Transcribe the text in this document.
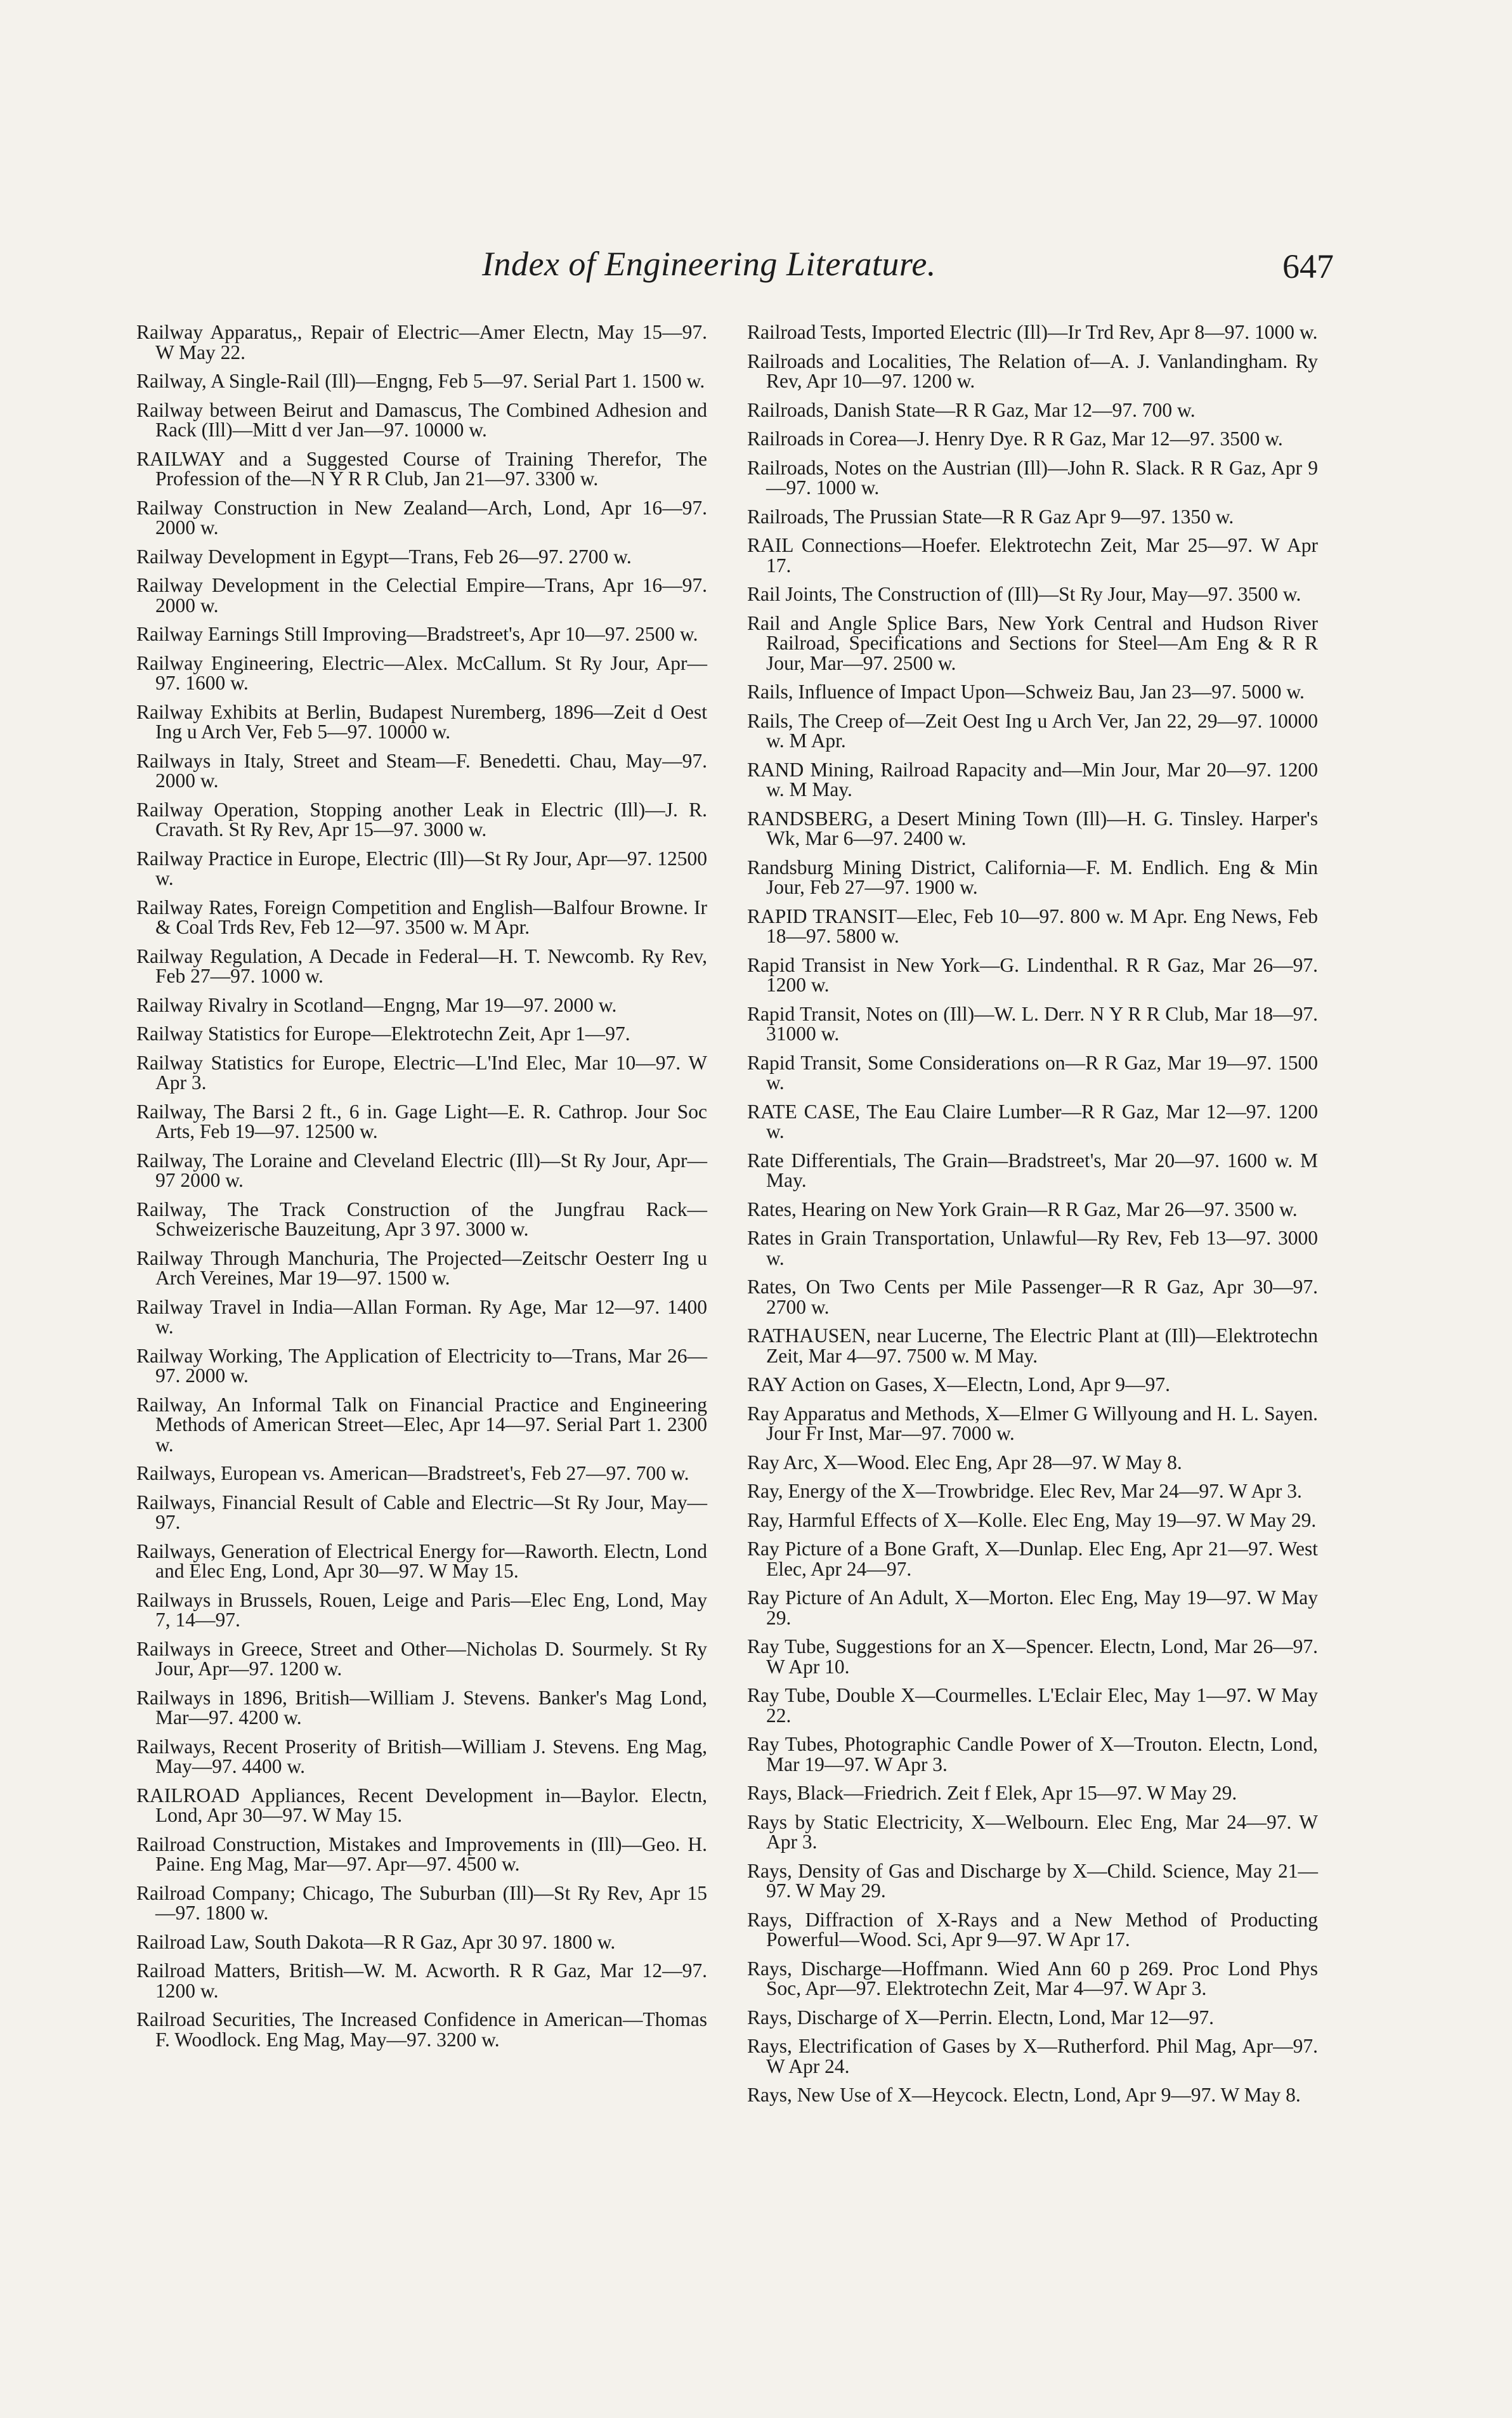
Index of Engineering Literature.	647

Railway Apparatus,, Repair of Electric—Amer Electn, May 15—97. W May 22.

Railway, A Single-Rail (Ill)—Engng, Feb 5—97. Serial Part 1. 1500 w.

Railway between Beirut and Damascus, The Combined Adhesion and Rack (Ill)—Mitt d ver Jan—97. 10000 w.

RAILWAY and a Suggested Course of Training Therefor, The Profession of the—N Y R R Club, Jan 21—97. 3300 w.

Railway Construction in New Zealand—Arch, Lond, Apr 16—97. 2000 w.

Railway Development in Egypt—Trans, Feb 26—97. 2700 w.

Railway Development in the Celectial Empire—Trans, Apr 16—97. 2000 w.

Railway Earnings Still Improving—Bradstreet's, Apr 10—97. 2500 w.

Railway Engineering, Electric—Alex. McCallum. St Ry Jour, Apr—97. 1600 w.

Railway Exhibits at Berlin, Budapest Nuremberg, 1896—Zeit d Oest Ing u Arch Ver, Feb 5—97. 10000 w.

Railways in Italy, Street and Steam—F. Benedetti. Chau, May—97. 2000 w.

Railway Operation, Stopping another Leak in Electric (Ill)—J. R. Cravath. St Ry Rev, Apr 15—97. 3000 w.

Railway Practice in Europe, Electric (Ill)—St Ry Jour, Apr—97. 12500 w.

Railway Rates, Foreign Competition and English—Balfour Browne. Ir & Coal Trds Rev, Feb 12—97. 3500 w. M Apr.

Railway Regulation, A Decade in Federal—H. T. Newcomb. Ry Rev, Feb 27—97. 1000 w.

Railway Rivalry in Scotland—Engng, Mar 19—97. 2000 w.

Railway Statistics for Europe—Elektrotechn Zeit, Apr 1—97.

Railway Statistics for Europe, Electric—L'Ind Elec, Mar 10—97. W Apr 3.

Railway, The Barsi 2 ft., 6 in. Gage Light—E. R. Cathrop. Jour Soc Arts, Feb 19—97. 12500 w.

Railway, The Loraine and Cleveland Electric (Ill)—St Ry Jour, Apr—97 2000 w.

Railway, The Track Construction of the Jungfrau Rack—Schweizerische Bauzeitung, Apr 3 97. 3000 w.

Railway Through Manchuria, The Projected—Zeitschr Oesterr Ing u Arch Vereines, Mar 19—97. 1500 w.

Railway Travel in India—Allan Forman. Ry Age, Mar 12—97. 1400 w.

Railway Working, The Application of Electricity to—Trans, Mar 26—97. 2000 w.

Railway, An Informal Talk on Financial Practice and Engineering Methods of American Street—Elec, Apr 14—97. Serial Part 1. 2300 w.

Railways, European vs. American—Bradstreet's, Feb 27—97. 700 w.

Railways, Financial Result of Cable and Electric—St Ry Jour, May—97.

Railways, Generation of Electrical Energy for—Raworth. Electn, Lond and Elec Eng, Lond, Apr 30—97. W May 15.

Railways in Brussels, Rouen, Leige and Paris—Elec Eng, Lond, May 7, 14—97.

Railways in Greece, Street and Other—Nicholas D. Sourmely. St Ry Jour, Apr—97. 1200 w.

Railways in 1896, British—William J. Stevens. Banker's Mag Lond, Mar—97. 4200 w.

Railways, Recent Proserity of British—William J. Stevens. Eng Mag, May—97. 4400 w.

RAILROAD Appliances, Recent Development in—Baylor. Electn, Lond, Apr 30—97. W May 15.

Railroad Construction, Mistakes and Improvements in (Ill)—Geo. H. Paine. Eng Mag, Mar—97. Apr—97. 4500 w.

Railroad Company; Chicago, The Suburban (Ill)—St Ry Rev, Apr 15—97. 1800 w.

Railroad Law, South Dakota—R R Gaz, Apr 30 97. 1800 w.

Railroad Matters, British—W. M. Acworth. R R Gaz, Mar 12—97. 1200 w.

Railroad Securities, The Increased Confidence in American—Thomas F. Woodlock. Eng Mag, May—97. 3200 w.

Railroad Tests, Imported Electric (Ill)—Ir Trd Rev, Apr 8—97. 1000 w.

Railroads and Localities, The Relation of—A. J. Vanlandingham. Ry Rev, Apr 10—97. 1200 w.

Railroads, Danish State—R R Gaz, Mar 12—97. 700 w.

Railroads in Corea—J. Henry Dye. R R Gaz, Mar 12—97. 3500 w.

Railroads, Notes on the Austrian (Ill)—John R. Slack. R R Gaz, Apr 9—97. 1000 w.

Railroads, The Prussian State—R R Gaz Apr 9—97. 1350 w.

RAIL Connections—Hoefer. Elektrotechn Zeit, Mar 25—97. W Apr 17.

Rail Joints, The Construction of (Ill)—St Ry Jour, May—97. 3500 w.

Rail and Angle Splice Bars, New York Central and Hudson River Railroad, Specifications and Sections for Steel—Am Eng & R R Jour, Mar—97. 2500 w.

Rails, Influence of Impact Upon—Schweiz Bau, Jan 23—97. 5000 w.

Rails, The Creep of—Zeit Oest Ing u Arch Ver, Jan 22, 29—97. 10000 w. M Apr.

RAND Mining, Railroad Rapacity and—Min Jour, Mar 20—97. 1200 w. M May.

RANDSBERG, a Desert Mining Town (Ill)—H. G. Tinsley. Harper's Wk, Mar 6—97. 2400 w.

Randsburg Mining District, California—F. M. Endlich. Eng & Min Jour, Feb 27—97. 1900 w.

RAPID TRANSIT—Elec, Feb 10—97. 800 w. M Apr. Eng News, Feb 18—97. 5800 w.

Rapid Transist in New York—G. Lindenthal. R R Gaz, Mar 26—97. 1200 w.

Rapid Transit, Notes on (Ill)—W. L. Derr. N Y R R Club, Mar 18—97. 31000 w.

Rapid Transit, Some Considerations on—R R Gaz, Mar 19—97. 1500 w.

RATE CASE, The Eau Claire Lumber—R R Gaz, Mar 12—97. 1200 w.

Rate Differentials, The Grain—Bradstreet's, Mar 20—97. 1600 w. M May.

Rates, Hearing on New York Grain—R R Gaz, Mar 26—97. 3500 w.

Rates in Grain Transportation, Unlawful—Ry Rev, Feb 13—97. 3000 w.

Rates, On Two Cents per Mile Passenger—R R Gaz, Apr 30—97. 2700 w.

RATHAUSEN, near Lucerne, The Electric Plant at (Ill)—Elektrotechn Zeit, Mar 4—97. 7500 w. M May.

RAY Action on Gases, X—Electn, Lond, Apr 9—97.

Ray Apparatus and Methods, X—Elmer G Willyoung and H. L. Sayen. Jour Fr Inst, Mar—97. 7000 w.

Ray Arc, X—Wood. Elec Eng, Apr 28—97. W May 8.

Ray, Energy of the X—Trowbridge. Elec Rev, Mar 24—97. W Apr 3.

Ray, Harmful Effects of X—Kolle. Elec Eng, May 19—97. W May 29.

Ray Picture of a Bone Graft, X—Dunlap. Elec Eng, Apr 21—97. West Elec, Apr 24—97.

Ray Picture of An Adult, X—Morton. Elec Eng, May 19—97. W May 29.

Ray Tube, Suggestions for an X—Spencer. Electn, Lond, Mar 26—97. W Apr 10.

Ray Tube, Double X—Courmelles. L'Eclair Elec, May 1—97. W May 22.

Ray Tubes, Photographic Candle Power of X—Trouton. Electn, Lond, Mar 19—97. W Apr 3.

Rays, Black—Friedrich. Zeit f Elek, Apr 15—97. W May 29.

Rays by Static Electricity, X—Welbourn. Elec Eng, Mar 24—97. W Apr 3.

Rays, Density of Gas and Discharge by X—Child. Science, May 21—97. W May 29.

Rays, Diffraction of X-Rays and a New Method of Producting Powerful—Wood. Sci, Apr 9—97. W Apr 17.

Rays, Discharge—Hoffmann. Wied Ann 60 p 269. Proc Lond Phys Soc, Apr—97. Elektrotechn Zeit, Mar 4—97. W Apr 3.

Rays, Discharge of X—Perrin. Electn, Lond, Mar 12—97.

Rays, Electrification of Gases by X—Rutherford. Phil Mag, Apr—97. W Apr 24.

Rays, New Use of X—Heycock. Electn, Lond, Apr 9—97. W May 8.
